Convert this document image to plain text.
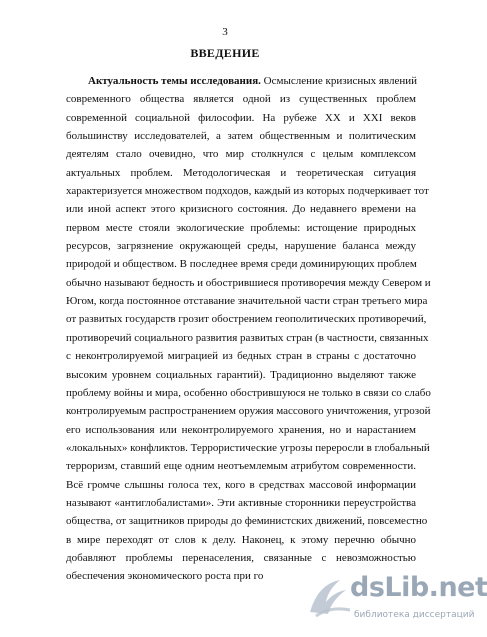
3
ВВЕДЕНИЕ
Актуальность темы исследования. Осмысление кризисных явлений
современного общества является одной из существенных проблем
современной социальной философии. На рубеже XX и XXI веков
большинству исследователей, а затем общественным и политическим
деятелям стало очевидно, что мир столкнулся с целым комплексом
актуальных проблем. Методологическая и теоретическая ситуация
характеризуется множеством подходов, каждый из которых подчеркивает тот
или иной аспект этого кризисного состояния. До недавнего времени на
первом месте стояли экологические проблемы: истощение природных
ресурсов, загрязнение окружающей среды, нарушение баланса между
природой и обществом. В последнее время среди доминирующих проблем
обычно называют бедность и обострившиеся противоречия между Севером и
Югом, когда постоянное отставание значительной части стран третьего мира
от развитых государств грозит обострением геополитических противоречий,
противоречий социального развития развитых стран (в частности, связанных
с неконтролируемой миграцией из бедных стран в страны с достаточно
высоким уровнем социальных гарантий). Традиционно выделяют также
проблему войны и мира, особенно обострившуюся не только в связи со слабо
контролируемым распространением оружия массового уничтожения, угрозой
его использования или неконтролируемого хранения, но и нарастанием
«локальных» конфликтов. Террористические угрозы переросли в глобальный
терроризм, ставший еще одним неотъемлемым атрибутом современности.
Всё громче слышны голоса тех, кого в средствах массовой информации
называют «антиглобалистами». Эти активные сторонники переустройства
общества, от защитников природы до феминистских движений, повсеместно
в мире переходят от слов к делу. Наконец, к этому перечню обычно
добавляют проблемы перенаселения, связанные с невозможностью
обеспечения экономического роста при го	dsLib.net
библиотека диссертаций
